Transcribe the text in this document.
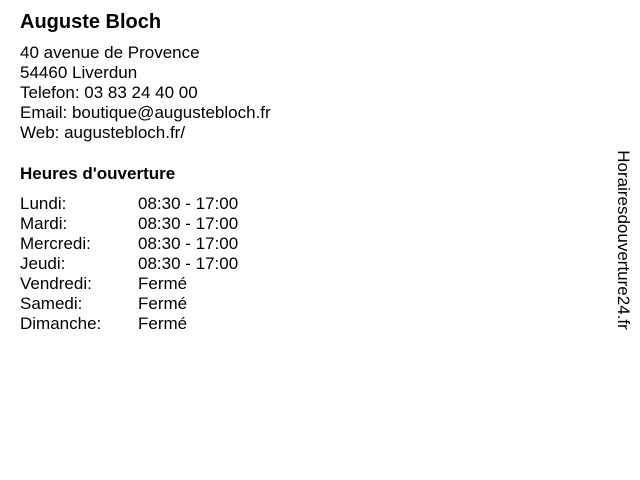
Auguste Bloch
40 avenue de Provence
54460 Liverdun
Telefon: 03 83 24 40 00
Email: boutique@augustebloch.fr
Web: augustebloch.fr/
Heures d'ouverture
Lundi:	08:30 - 17:00
Mardi:	08:30 - 17:00
Mercredi:	08:30 - 17:00
Jeudi:	08:30 - 17:00
Vendredi:	Fermé
Samedi:	Fermé
Dimanche: Fermé	Horairesdouverture24.fr
